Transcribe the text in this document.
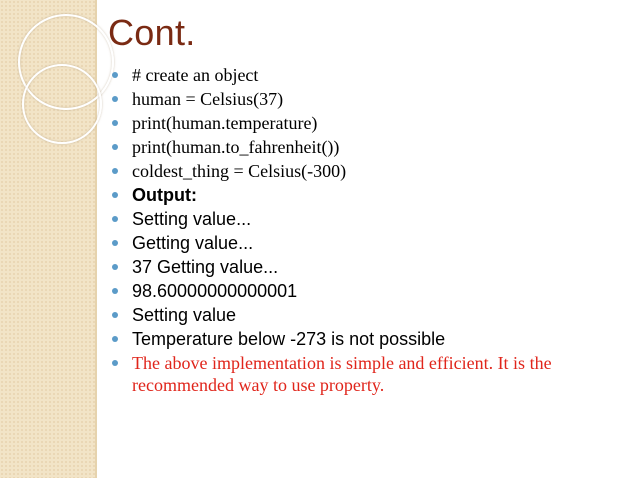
Cont.
# create an object
human = Celsius(37)
print(human.temperature)
print(human.to_fahrenheit())
coldest_thing = Celsius(-300)
Output:
Setting value...
Getting value...
37 Getting value...
98.60000000000001
Setting value
Temperature below -273 is not possible
The above implementation is simple and efficient. It is the recommended way to use property.
